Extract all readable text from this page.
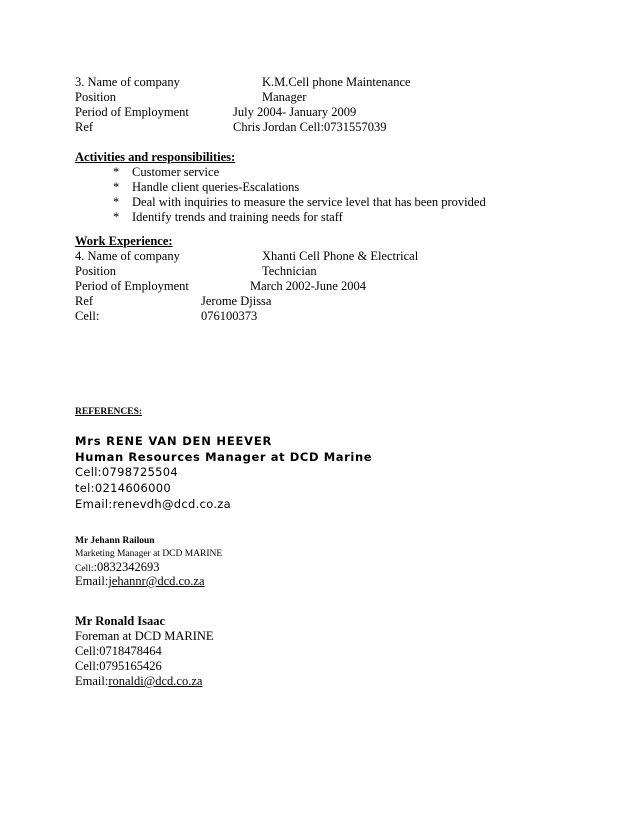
3. Name of company	K.M.Cell phone Maintenance
Position	Manager
Period of Employment	July 2004- January 2009
Ref	Chris Jordan Cell:0731557039
Activities and responsibilities:
* Customer service
* Handle client queries-Escalations
* Deal with inquiries to measure the service level that has been provided
* Identify trends and training needs for staff
Work Experience:
4. Name of company	Xhanti Cell Phone & Electrical
Position	Technician
Period of Employment	March 2002-June 2004
Ref	Jerome Djissa
Cell:	076100373
REFERENCES:
Mrs RENE VAN DEN HEEVER
Human Resources Manager at DCD Marine
Cell:0798725504
tel:0214606000
Email:renevdh@dcd.co.za
Mr Jehann Railoun
Marketing Manager at DCD MARINE
Cell::0832342693
Email:jehannr@dcd.co.za
Mr Ronald Isaac
Foreman at DCD MARINE
Cell:0718478464
Cell:0795165426
Email:ronaldi@dcd.co.za
